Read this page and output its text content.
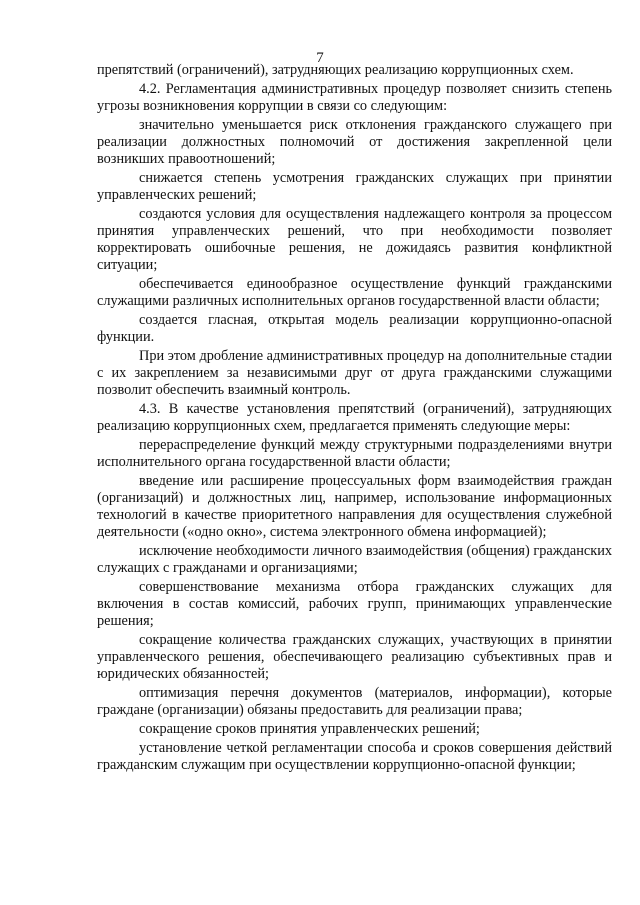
7

препятствий (ограничений), затрудняющих реализацию коррупционных схем.

4.2. Регламентация административных процедур позволяет снизить степень угрозы возникновения коррупции в связи со следующим:

значительно уменьшается риск отклонения гражданского служащего при реализации должностных полномочий от достижения закрепленной цели возникших правоотношений;

снижается степень усмотрения гражданских служащих при принятии управленческих решений;

создаются условия для осуществления надлежащего контроля за процессом принятия управленческих решений, что при необходимости позволяет корректировать ошибочные решения, не дожидаясь развития конфликтной ситуации;

обеспечивается единообразное осуществление функций гражданскими служащими различных исполнительных органов государственной власти области;

создается гласная, открытая модель реализации коррупционно-опасной функции.

При этом дробление административных процедур на дополнительные стадии с их закреплением за независимыми друг от друга гражданскими служащими позволит обеспечить взаимный контроль.

4.3. В качестве установления препятствий (ограничений), затрудняющих реализацию коррупционных схем, предлагается применять следующие меры:

перераспределение функций между структурными подразделениями внутри исполнительного органа государственной власти области;

введение или расширение процессуальных форм взаимодействия граждан (организаций) и должностных лиц, например, использование информационных технологий в качестве приоритетного направления для осуществления служебной деятельности («одно окно», система электронного обмена информацией);

исключение необходимости личного взаимодействия (общения) гражданских служащих с гражданами и организациями;

совершенствование механизма отбора гражданских служащих для включения в состав комиссий, рабочих групп, принимающих управленческие решения;

сокращение количества гражданских служащих, участвующих в принятии управленческого решения, обеспечивающего реализацию субъективных прав и юридических обязанностей;

оптимизация перечня документов (материалов, информации), которые граждане (организации) обязаны предоставить для реализации права;

сокращение сроков принятия управленческих решений;

установление четкой регламентации способа и сроков совершения действий гражданским служащим при осуществлении коррупционно-опасной функции;
